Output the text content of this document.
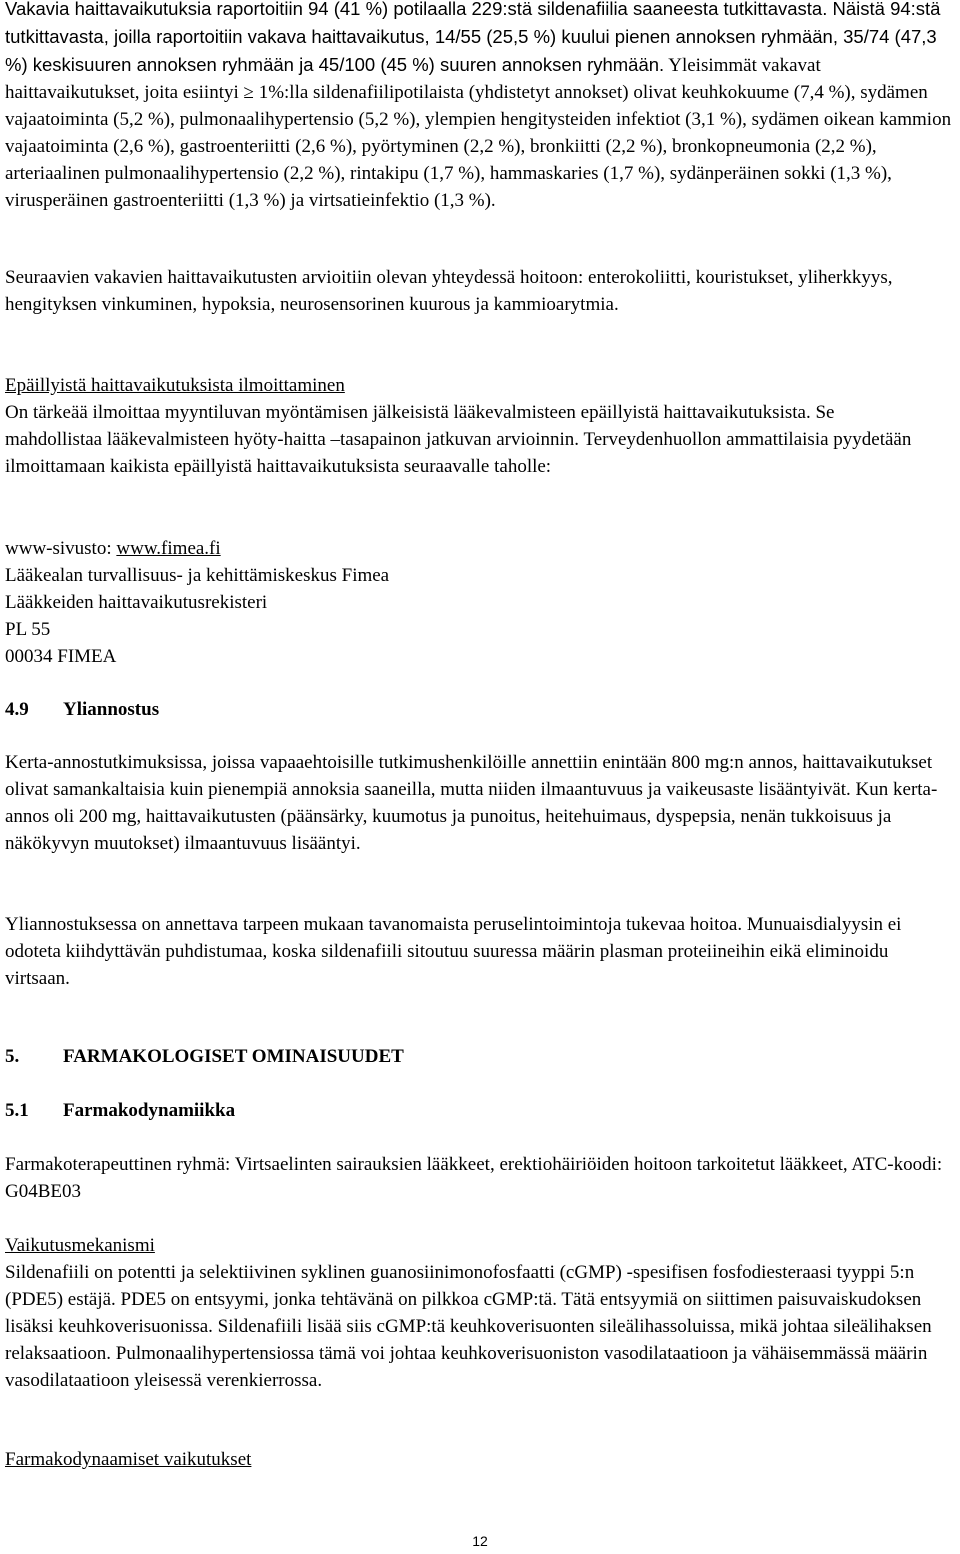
Vakavia haittavaikutuksia raportoitiin 94 (41 %) potilaalla 229:stä sildenafiilia saaneesta tutkittavasta. Näistä 94:stä tutkittavasta, joilla raportoitiin vakava haittavaikutus, 14/55 (25,5 %) kuului pienen annoksen ryhmään, 35/74 (47,3 %) keskisuuren annoksen ryhmään ja 45/100 (45 %) suuren annoksen ryhmään. Yleisimmät vakavat haittavaikutukset, joita esiintyi ≥ 1%:lla sildenafiilipotilaista (yhdistetyt annokset) olivat keuhkokuume (7,4 %), sydämen vajaatoiminta (5,2 %), pulmonaalihypertensio (5,2 %), ylempien hengitysteiden infektiot (3,1 %), sydämen oikean kammion vajaatoiminta (2,6 %), gastroenteriitti (2,6 %), pyörtyminen (2,2 %), bronkiitti (2,2 %), bronkopneumonia (2,2 %), arteriaalinen pulmonaalihypertensio (2,2 %), rintakipu (1,7 %), hammaskaries (1,7 %), sydänperäinen sokki (1,3 %), virusperäinen gastroenteriitti (1,3 %) ja virtsatieinfektio (1,3 %).

Seuraavien vakavien haittavaikutusten arvioitiin olevan yhteydessä hoitoon: enterokoliitti, kouristukset, yliherkkyys, hengityksen vinkuminen, hypoksia, neurosensorinen kuurous ja kammioarytmia.

Epäillyistä haittavaikutuksista ilmoittaminen

On tärkeää ilmoittaa myyntiluvan myöntämisen jälkeisistä lääkevalmisteen epäillyistä haittavaikutuksista. Se mahdollistaa lääkevalmisteen hyöty-haitta –tasapainon jatkuvan arvioinnin. Terveydenhuollon ammattilaisia pyydetään ilmoittamaan kaikista epäillyistä haittavaikutuksista seuraavalle taholle:

www-sivusto: www.fimea.fi

Lääkealan turvallisuus- ja kehittämiskeskus Fimea

Lääkkeiden haittavaikutusrekisteri

PL 55

00034 FIMEA

4.9 Yliannostus

Kerta-annostutkimuksissa, joissa vapaaehtoisille tutkimushenkilöille annettiin enintään 800 mg:n annos, haittavaikutukset olivat samankaltaisia kuin pienempiä annoksia saaneilla, mutta niiden ilmaantuvuus ja vaikeusaste lisääntyivät. Kun kerta-annos oli 200 mg, haittavaikutusten (päänsärky, kuumotus ja punoitus, heitehuimaus, dyspepsia, nenän tukkoisuus ja näkökyvyn muutokset) ilmaantuvuus lisääntyi.

Yliannostuksessa on annettava tarpeen mukaan tavanomaista peruselintoimintoja tukevaa hoitoa. Munuaisdialyysin ei odoteta kiihdyttävän puhdistumaa, koska sildenafiili sitoutuu suuressa määrin plasman proteiineihin eikä eliminoidu virtsaan.

5. FARMAKOLOGISET OMINAISUUDET

5.1 Farmakodynamiikka

Farmakoterapeuttinen ryhmä: Virtsaelinten sairauksien lääkkeet, erektiohäiriöiden hoitoon tarkoitetut lääkkeet, ATC-koodi: G04BE03

Vaikutusmekanismi

Sildenafiili on potentti ja selektiivinen syklinen guanosiinimonofosfaatti (cGMP) -spesifisen fosfodiesteraasi tyyppi 5:n (PDE5) estäjä. PDE5 on entsyymi, jonka tehtävänä on pilkkoa cGMP:tä. Tätä entsyymiä on siittimen paisuvaiskudoksen lisäksi keuhkoverisuonissa. Sildenafiili lisää siis cGMP:tä keuhkoverisuonten sileälihassoluissa, mikä johtaa sileälihaksen relaksaatioon. Pulmonaalihypertensiossa tämä voi johtaa keuhkoverisuoniston vasodilataatioon ja vähäisemmässä määrin vasodilataatioon yleisessä verenkierrossa.

Farmakodynaamiset vaikutukset

12
